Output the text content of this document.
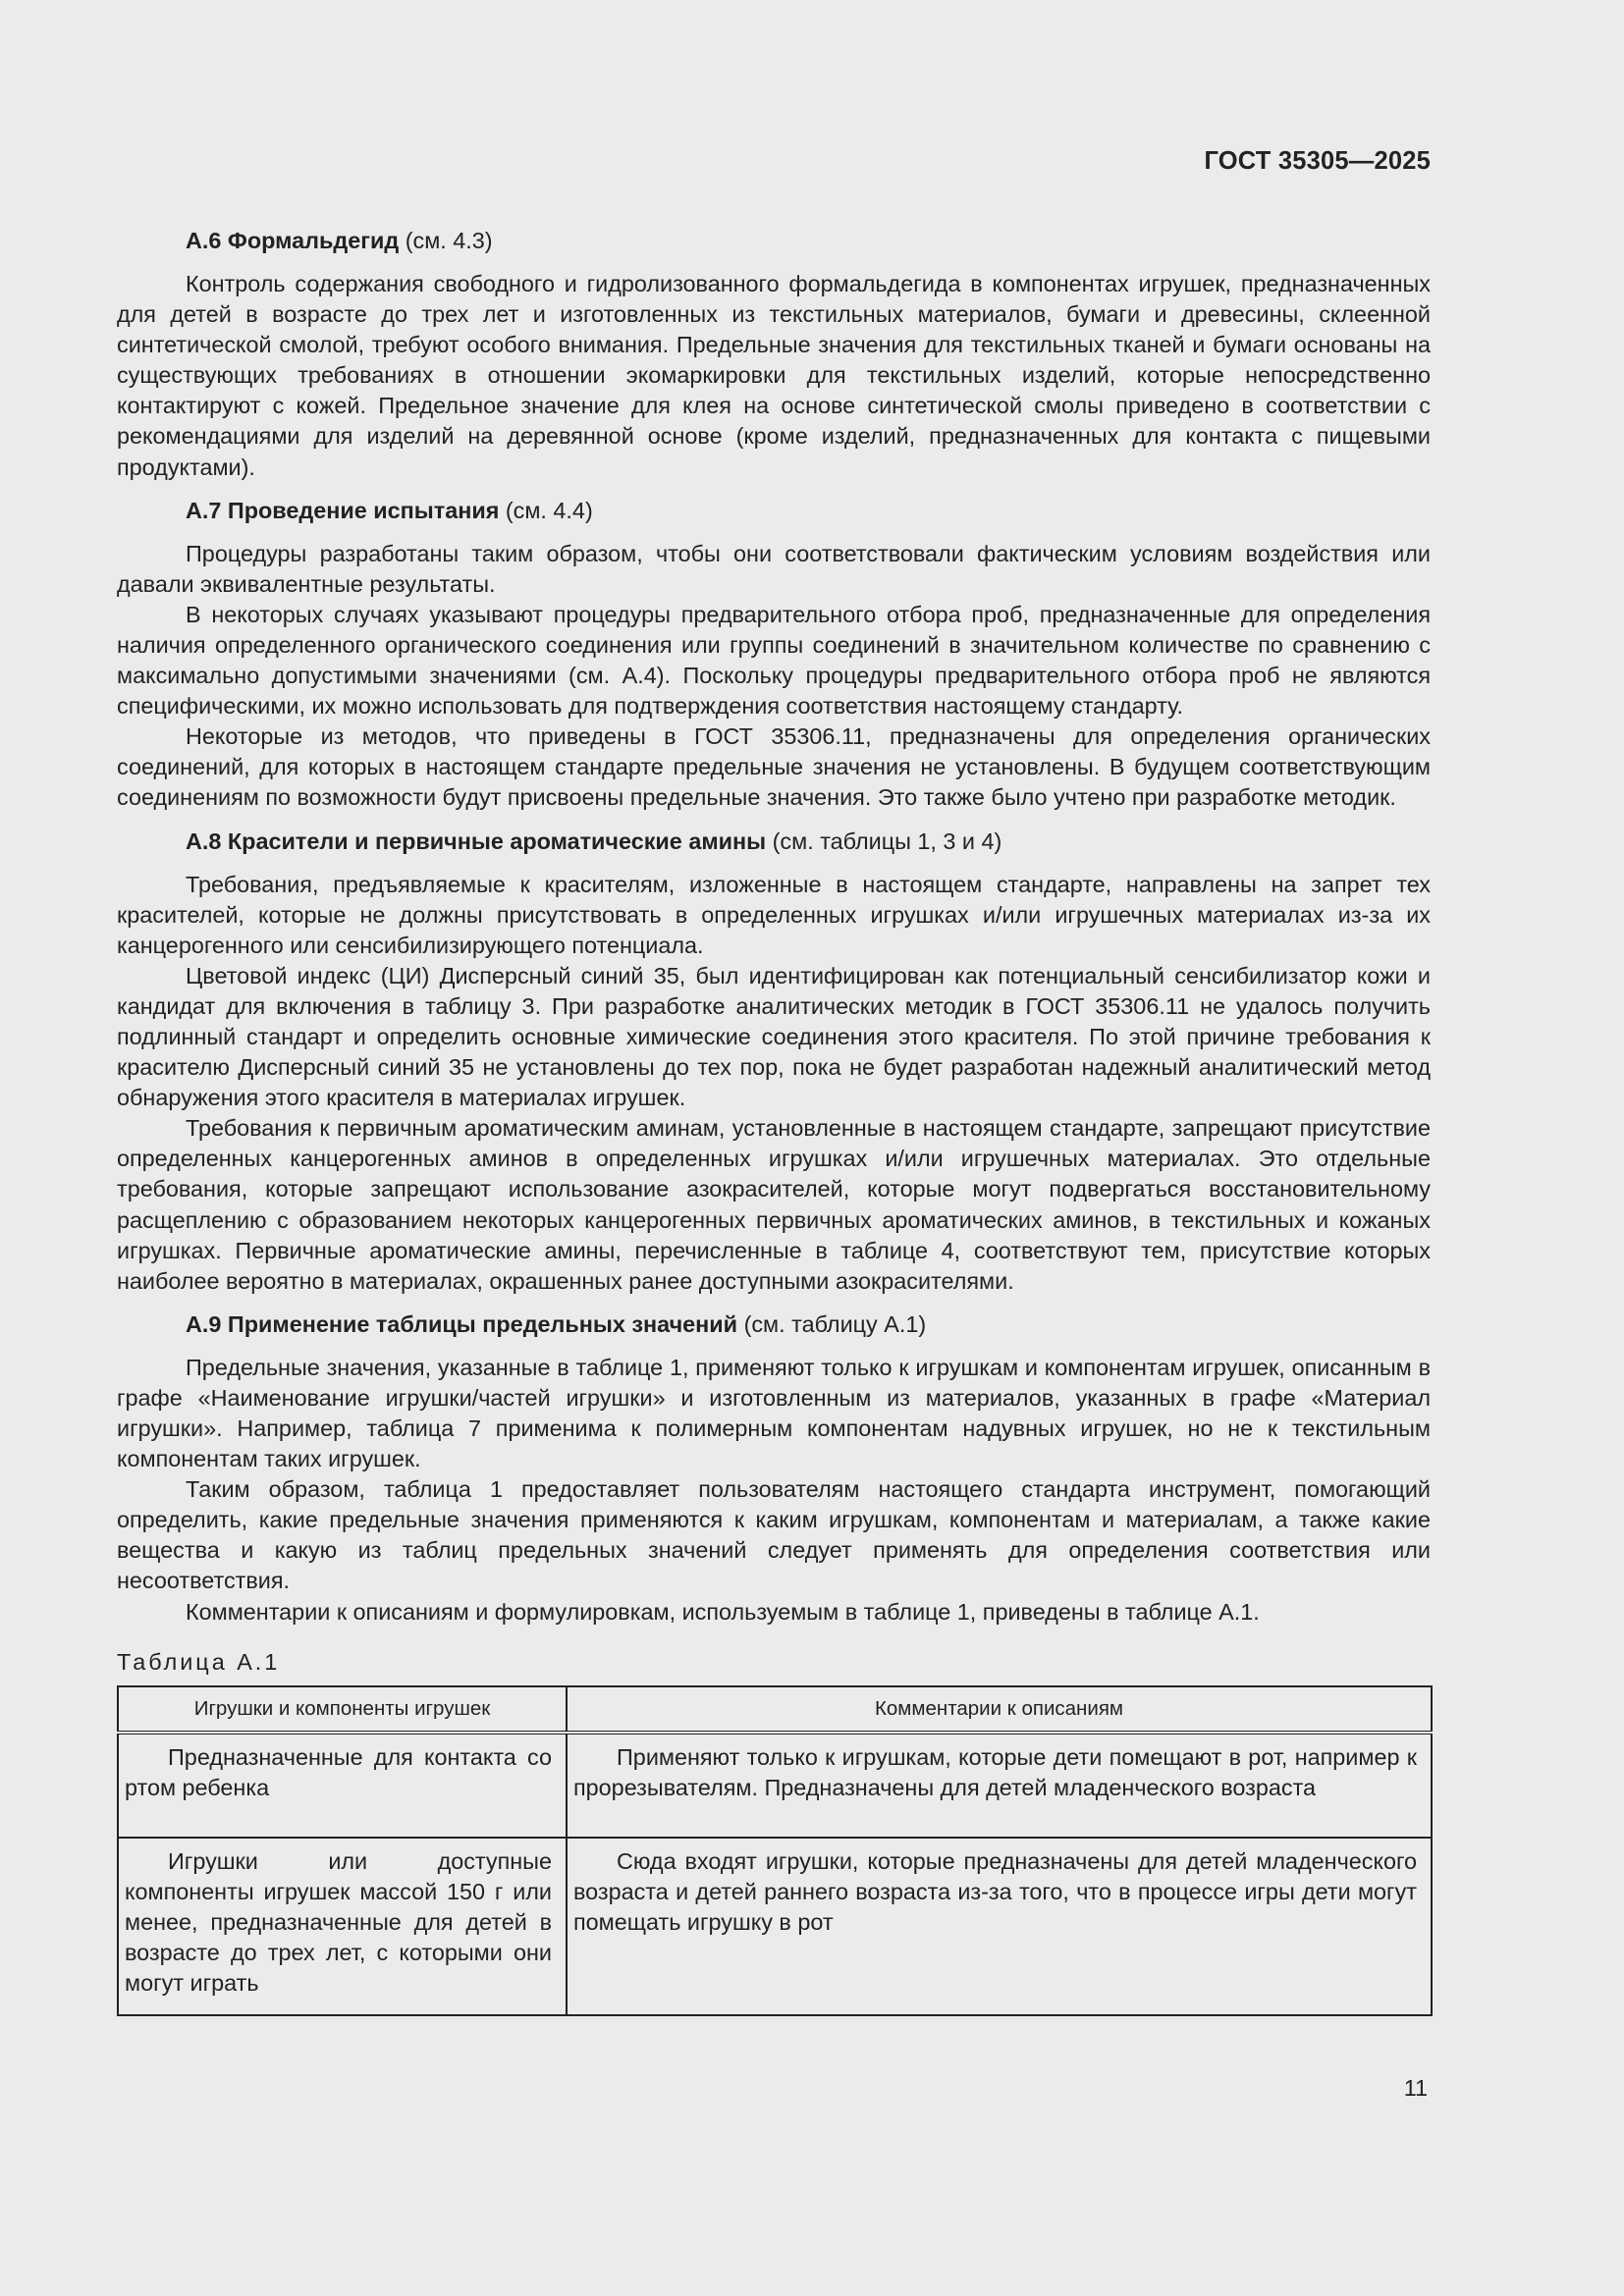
ГОСТ 35305—2025

А.6 Формальдегид (см. 4.3)

Контроль содержания свободного и гидролизованного формальдегида в компонентах игрушек, предназначенных для детей в возрасте до трех лет и изготовленных из текстильных материалов, бумаги и древесины, склеенной синтетической смолой, требуют особого внимания. Предельные значения для текстильных тканей и бумаги основаны на существующих требованиях в отношении экомаркировки для текстильных изделий, которые непосредственно контактируют с кожей. Предельное значение для клея на основе синтетической смолы приведено в соответствии с рекомендациями для изделий на деревянной основе (кроме изделий, предназначенных для контакта с пищевыми продуктами).

А.7 Проведение испытания (см. 4.4)

Процедуры разработаны таким образом, чтобы они соответствовали фактическим условиям воздействия или давали эквивалентные результаты.

В некоторых случаях указывают процедуры предварительного отбора проб, предназначенные для определения наличия определенного органического соединения или группы соединений в значительном количестве по сравнению с максимально допустимыми значениями (см. А.4). Поскольку процедуры предварительного отбора проб не являются специфическими, их можно использовать для подтверждения соответствия настоящему стандарту.

Некоторые из методов, что приведены в ГОСТ 35306.11, предназначены для определения органических соединений, для которых в настоящем стандарте предельные значения не установлены. В будущем соответствующим соединениям по возможности будут присвоены предельные значения. Это также было учтено при разработке методик.

А.8 Красители и первичные ароматические амины (см. таблицы 1, 3 и 4)

Требования, предъявляемые к красителям, изложенные в настоящем стандарте, направлены на запрет тех красителей, которые не должны присутствовать в определенных игрушках и/или игрушечных материалах из-за их канцерогенного или сенсибилизирующего потенциала.

Цветовой индекс (ЦИ) Дисперсный синий 35, был идентифицирован как потенциальный сенсибилизатор кожи и кандидат для включения в таблицу 3. При разработке аналитических методик в ГОСТ 35306.11 не удалось получить подлинный стандарт и определить основные химические соединения этого красителя. По этой причине требования к красителю Дисперсный синий 35 не установлены до тех пор, пока не будет разработан надежный аналитический метод обнаружения этого красителя в материалах игрушек.

Требования к первичным ароматическим аминам, установленные в настоящем стандарте, запрещают присутствие определенных канцерогенных аминов в определенных игрушках и/или игрушечных материалах. Это отдельные требования, которые запрещают использование азокрасителей, которые могут подвергаться восстановительному расщеплению с образованием некоторых канцерогенных первичных ароматических аминов, в текстильных и кожаных игрушках. Первичные ароматические амины, перечисленные в таблице 4, соответствуют тем, присутствие которых наиболее вероятно в материалах, окрашенных ранее доступными азокрасителями.

А.9 Применение таблицы предельных значений (см. таблицу А.1)

Предельные значения, указанные в таблице 1, применяют только к игрушкам и компонентам игрушек, описанным в графе «Наименование игрушки/частей игрушки» и изготовленным из материалов, указанных в графе «Материал игрушки». Например, таблица 7 применима к полимерным компонентам надувных игрушек, но не к текстильным компонентам таких игрушек.

Таким образом, таблица 1 предоставляет пользователям настоящего стандарта инструмент, помогающий определить, какие предельные значения применяются к каким игрушкам, компонентам и материалам, а также какие вещества и какую из таблиц предельных значений следует применять для определения соответствия или несоответствия.

Комментарии к описаниям и формулировкам, используемым в таблице 1, приведены в таблице А.1.

Таблица А.1
Игрушки и компоненты игрушек	Комментарии к описаниям
Предназначенные для контакта со ртом ребенка	Применяют только к игрушкам, которые дети помещают в рот, например к прорезывателям. Предназначены для детей младенческого возраста
Игрушки или доступные компоненты игрушек массой 150 г или менее, предназначенные для детей в возрасте до трех лет, с которыми они могут играть	Сюда входят игрушки, которые предназначены для детей младенческого возраста и детей раннего возраста из-за того, что в процессе игры дети могут помещать игрушку в рот
11
